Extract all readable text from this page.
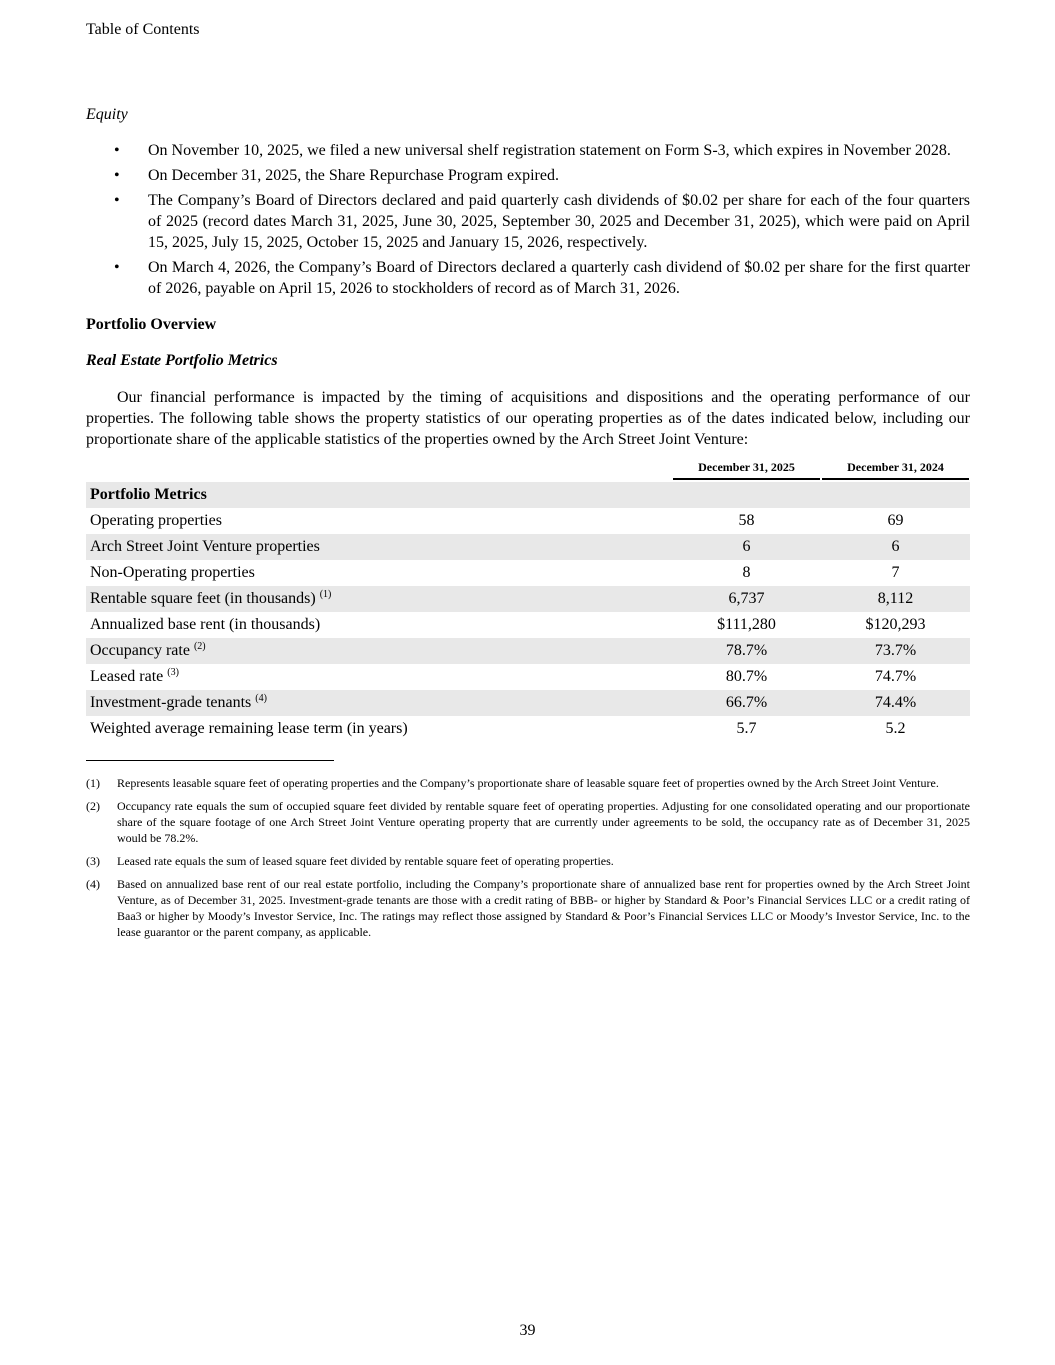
Table of Contents
Equity
• On November 10, 2025, we filed a new universal shelf registration statement on Form S-3, which expires in November 2028.
• On December 31, 2025, the Share Repurchase Program expired.
• The Company’s Board of Directors declared and paid quarterly cash dividends of $0.02 per share for each of the four quarters of 2025 (record dates March 31, 2025, June 30, 2025, September 30, 2025 and December 31, 2025), which were paid on April 15, 2025, July 15, 2025, October 15, 2025 and January 15, 2026, respectively.
• On March 4, 2026, the Company’s Board of Directors declared a quarterly cash dividend of $0.02 per share for the first quarter of 2026, payable on April 15, 2026 to stockholders of record as of March 31, 2026.
Portfolio Overview
Real Estate Portfolio Metrics

Our financial performance is impacted by the timing of acquisitions and dispositions and the operating performance of our properties. The following table shows the property statistics of our operating properties as of the dates indicated below, including our proportionate share of the applicable statistics of the properties owned by the Arch Street Joint Venture:

	December 31, 2025	December 31, 2024

Portfolio Metrics		
Operating properties	58	69
Arch Street Joint Venture properties	6	6
Non-Operating properties	8	7
Rentable square feet (in thousands) $^{(1)}$	6,737	8,112
Annualized base rent (in thousands)	$111,280	$120,293
Occupancy rate $^{(2)}$	78.7%	73.7%
Leased rate $^{(3)}$	80.7%	74.7%
Investment-grade tenants $^{(4)}$	66.7%	74.4%
Weighted average remaining lease term (in years)	5.7	5.2
(1) Represents leasable square feet of operating properties and the Company’s proportionate share of leasable square feet of properties owned by the Arch Street Joint Venture.
(2) Occupancy rate equals the sum of occupied square feet divided by rentable square feet of operating properties. Adjusting for one consolidated operating and our proportionate share of the square footage of one Arch Street Joint Venture operating property that are currently under agreements to be sold, the occupancy rate as of December 31, 2025 would be 78.2%.
(3) Leased rate equals the sum of leased square feet divided by rentable square feet of operating properties.
(4) Based on annualized base rent of our real estate portfolio, including the Company’s proportionate share of annualized base rent for properties owned by the Arch Street Joint Venture, as of December 31, 2025. Investment-grade tenants are those with a credit rating of BBB- or higher by Standard & Poor’s Financial Services LLC or a credit rating of Baa3 or higher by Moody’s Investor Service, Inc. The ratings may reflect those assigned by Standard & Poor’s Financial Services LLC or Moody’s Investor Service, Inc. to the lease guarantor or the parent company, as applicable.
39
